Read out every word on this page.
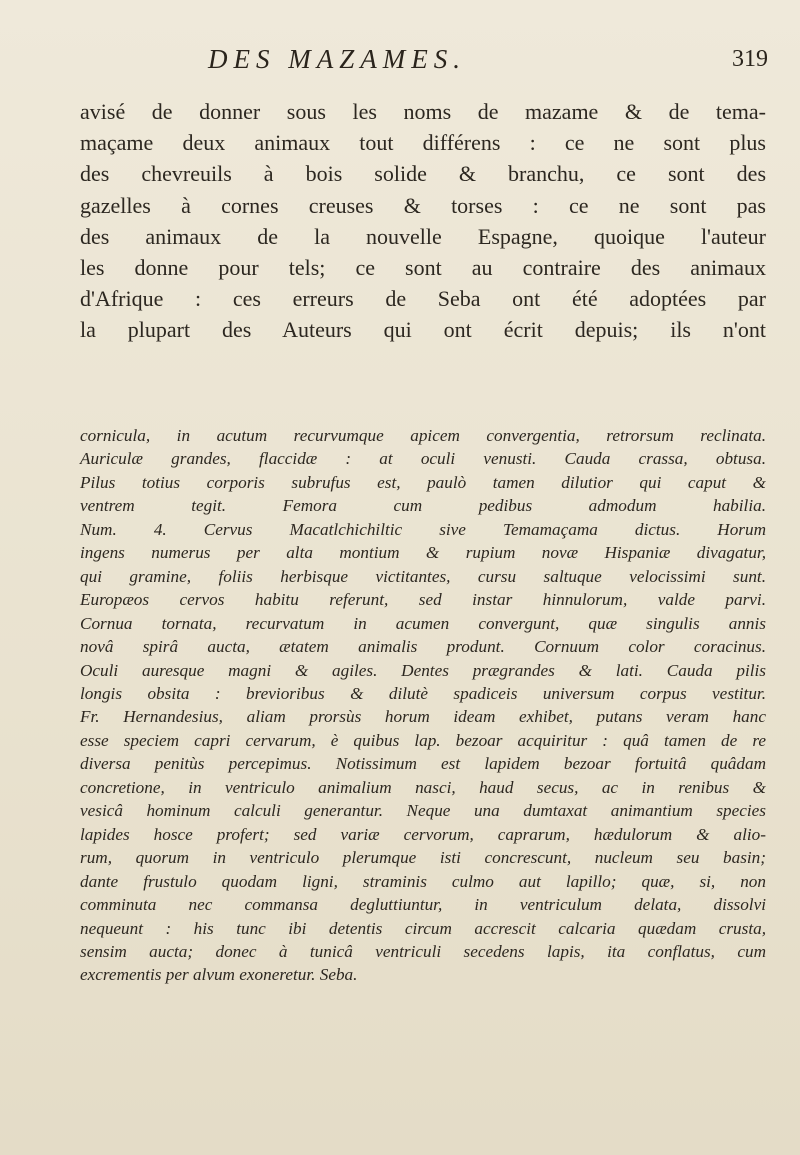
DES MAZAMES.	319
avisé de donner sous les noms de mazame & de tema-
maçame deux animaux tout différens : ce ne sont plus
des chevreuils à bois solide & branchu, ce sont des
gazelles à cornes creuses & torses : ce ne sont pas
des animaux de la nouvelle Espagne, quoique l'auteur
les donne pour tels; ce sont au contraire des animaux
d'Afrique : ces erreurs de Seba ont été adoptées par
la plupart des Auteurs qui ont écrit depuis; ils n'ont
cornicula, in acutum recurvumque apicem convergentia, retrorsum reclinata.
Auriculæ grandes, flaccidæ : at oculi venusti. Cauda crassa, obtusa.
Pilus totius corporis subrufus est, paulò tamen dilutior qui caput &
ventrem tegit. Femora cum pedibus admodum habilia.
Num. 4. Cervus Macatlchichiltic sive Temamaçama dictus. Horum
ingens numerus per alta montium & rupium novæ Hispaniæ divagatur,
qui gramine, foliis herbisque victitantes, cursu saltuque velocissimi sunt.
Europæos cervos habitu referunt, sed instar hinnulorum, valde parvi.
Cornua tornata, recurvatum in acumen convergunt, quæ singulis annis
novâ spirâ aucta, ætatem animalis produnt. Cornuum color coracinus.
Oculi auresque magni & agiles. Dentes prægrandes & lati. Cauda pilis
longis obsita : brevioribus & dilutè spadiceis universum corpus vestitur.
Fr. Hernandesius, aliam prorsùs horum ideam exhibet, putans veram hanc
esse speciem capri cervarum, è quibus lap. bezoar acquiritur : quâ tamen de re
diversa penitùs percepimus. Notissimum est lapidem bezoar fortuitâ quâdam
concretione, in ventriculo animalium nasci, haud secus, ac in renibus &
vesicâ hominum calculi generantur. Neque una dumtaxat animantium species
lapides hosce profert; sed variæ cervorum, caprarum, hædulorum & alio-
rum, quorum in ventriculo plerumque isti concrescunt, nucleum seu basin;
dante frustulo quodam ligni, straminis culmo aut lapillo; quæ, si, non
comminuta nec commansa degluttiuntur, in ventriculum delata, dissolvi
nequeunt : his tunc ibi detentis circum accrescit calcaria quædam crusta,
sensim aucta; donec à tunicâ ventriculi secedens lapis, ita conflatus, cum
excrementis per alvum exoneretur. Seba.
